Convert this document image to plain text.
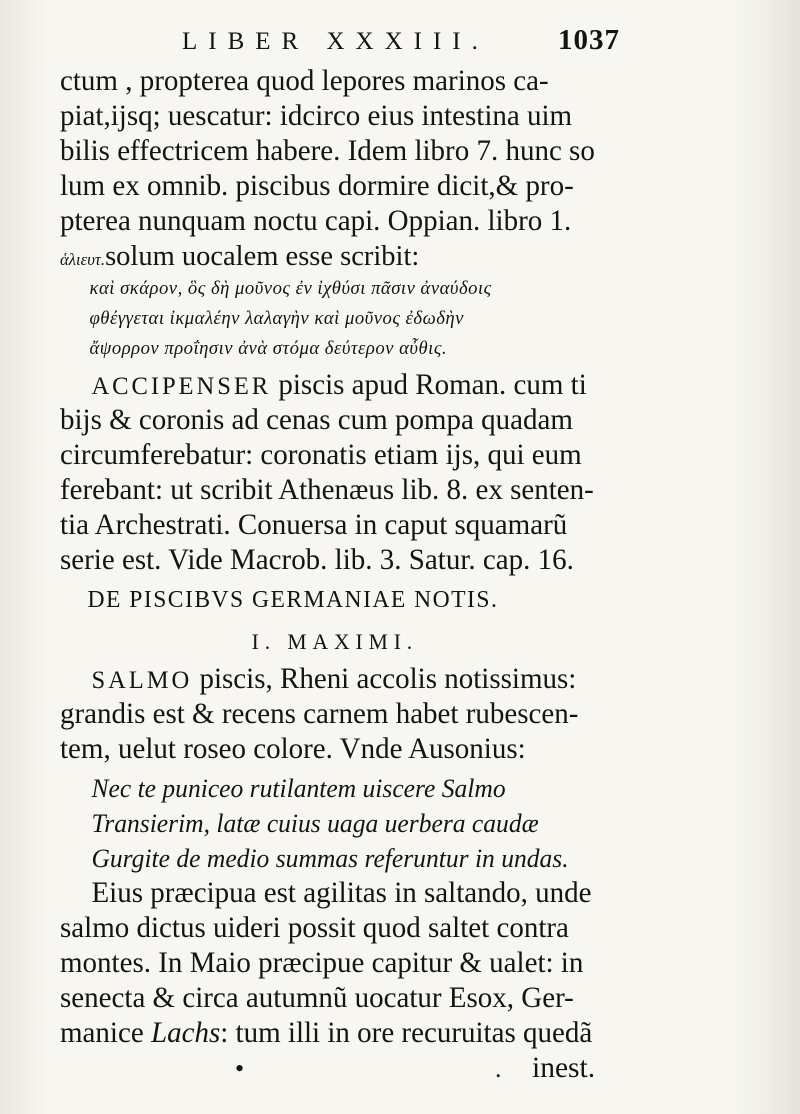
LIBER XXXIII. 1037
ctum , propterea quod lepores marinos ca-
piat,ijsq; uescatur: idcirco eius intestina uim
bilis effectricem habere. Idem libro 7. hunc so
lum ex omnib. piscibus dormire dicit,& pro-
pterea nunquam noctu capi. Oppian. libro 1.
ἁλιευτ.solum uocalem esse scribit:
καὶ σκάρον, ὃς δὴ μοῦνος ἐν ἰχθύσι πᾶσιν ἀναύδοις
φθέγγεται ἰκμαλέην λαλαγὴν καὶ μοῦνος ἐδωδὴν
ἄψορρον προΐησιν ἀνὰ στόμα δεύτερον αὖθις.
ACCIPENSER piscis apud Roman. cum ti
bijs & coronis ad cenas cum pompa quadam
circumferebatur: coronatis etiam ijs, qui eum
ferebant: ut scribit Athenæus lib. 8. ex senten-
tia Archestrati. Conuersa in caput squamarũ
serie est. Vide Macrob. lib. 3. Satur. cap. 16.
DE PISCIBVS GERMANIAE NOTIS.
I. MAXIMI.
SALMO piscis, Rheni accolis notissimus:
grandis est & recens carnem habet rubescen-
tem, uelut roseo colore. Vnde Ausonius:
Nec te puniceo rutilantem uiscere Salmo
Transierim, latæ cuius uaga uerbera caudæ
Gurgite de medio summas referuntur in undas.
Eius præcipua est agilitas in saltando, unde
salmo dictus uideri possit quod saltet contra
montes. In Maio præcipue capitur & ualet: in
senecta & circa autumnũ uocatur Esox, Ger-
manice Lachs: tum illi in ore recuruitas quedã
•	. inest.
